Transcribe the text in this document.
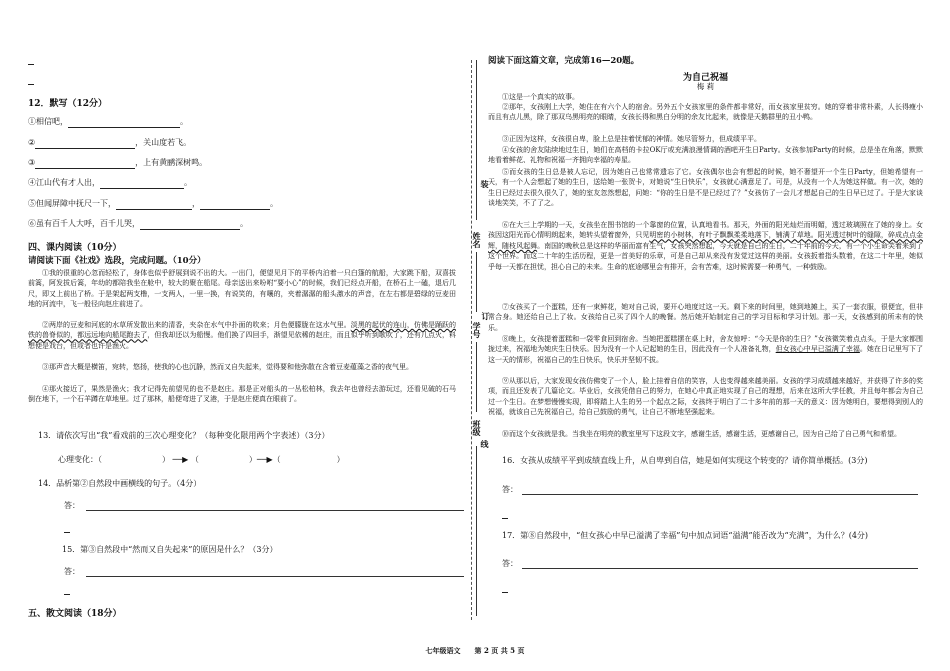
12．默写（12分）
①相信吧，	。
②	，关山度若飞。
③	，上有黄鹂深树鸣。
④江山代有才人出，	。
⑤但闻屏障中抚尺一下，	，	。
⑥虽有百千人大呼，百千儿哭，	。
四、课内阅读（10分）
请阅读下面《社戏》选段，完成问题。（10分）
①我的很重的心忽而轻松了，身体也似乎舒展到说不出的大。一出门，便望见月下的平桥内泊着一只白篷的航船，大家跳下船，双喜拔前篙，阿发拔后篙，年幼的都陪我坐在舱中，较大的聚在船尾。母亲送出来吩咐“要小心”的时候，我们已经点开船，在桥石上一磕，退后几尺，即又上前出了桥。于是架起两支橹，一支两人，一里一换，有说笑的，有嚷的，夹着潺潺的船头激水的声音，在左右都是碧绿的豆麦田地的河流中，飞一般径向赵庄前进了。
②两岸的豆麦和河底的水草所发散出来的清香，夹杂在水气中扑面的吹来；月色便朦胧在这水气里。淡黑的起伏的连山，仿佛是踊跃的铁的兽脊似的，都远远地向船尾跑去了，但我却还以为船慢。他们换了四回手，渐望见依稀的赵庄，而且似乎听到歌吹了，还有几点火，料想便是戏台，但或者也许是渔火。
③那声音大概是横笛，宛转，悠扬，使我的心也沉静，然而又自失起来，觉得要和他弥散在含着豆麦蕴藻之香的夜气里。
④那火接近了，果然是渔火；我才记得先前望见的也不是赵庄。那是正对船头的一丛松柏林，我去年也曾经去游玩过，还看见破的石马倒在地下，一个石羊蹲在草地里。过了那林，船便弯进了叉港，于是赵庄便真在眼前了。
13．请依次写出“我”看戏前的三次心理变化？（每种变化限用两个字表述）（3分）
心理变化：（	） ──▶ （	）──▶（	）
14．品析第②自然段中画横线的句子。（4分）
答：
15．第③自然段中“然而又自失起来”的原因是什么？（3分）
答：
五、散文阅读（18分）
姓名
装
学号
订
班级
线
阅读下面这篇文章，完成第16—20题。
为自己祝福
梅 莉
①这是一个真实的故事。
②那年，女孩刚上大学，她住在有六个人的宿舍。另外五个女孩家里的条件都非常好，而女孩家里贫穷。她的穿着非常朴素，人长得瘦小而且有点儿黑，除了那双乌黑明亮的眼睛，女孩长得和黑白分明的余友比起来，就像是天鹅群里的丑小鸭。
③正因为这样，女孩很自卑，脸上总是挂着忧郁的神情。她尽管努力，但成绩平平。
④女孩的舍友陆续地过生日，她们在高档的卡拉OK厅或充满浪漫情调的酒吧开生日Party。女孩参加Party的时候，总是坐在角落，默默地看着鲜花、礼物和祝福一齐拥向幸福的寿星。
⑤而女孩的生日总是被人忘记，因为她自己也常常遗忘了它。女孩偶尔也会有想起的时候，她不奢望开一个生日Party，但她希望有一天，有一个人会想起了她的生日，送给她一张贺卡，对她说“生日快乐”，女孩就心满意足了。可是，从没有一个人为她这样做。有一次，她的生日已经过去很久很久了，她的室友忽然想起，问她：“你的生日是不是已经过了？”女孩仿了一会儿才想起自己的生日早已过了。于是大家谈谈地笑笑，不了了之。
⑥在大三上学期的一天，女孩坐在图书馆的一个靠窗的位置，认真地看书。那天，外面的阳光灿烂而明媚，透过玻璃照在了她的身上。女孩因这阳光而心情明朗起来，她转头望着窗外，只见明密的小树林，有叶子飘飘柔柔地落下，铺满了草地。阳光透过树叶的缝隙，碎成点点金辉，随枝风起舞。南国的晚秋总是这样的华丽而富有生气，女孩突然想起，今天就是自己的生日，二十年前的今天，有一个小生命笑着来到了这个世界。而这二十年的生活历程，更是一首美好的乐章，可是自己却从来没有发觉过这样的美丽。女孩扳着指头数着，在这二十年里，她似乎每一天都在担忧，担心自己的未来。生命的底途哪里会有排开，会有苦难，这时候需要一种勇气，一种鼓励。
⑦女孩买了一个蛋糕，还有一束鲜花，她对自己说，要开心地度过这一天。剩下来的时间里，她到地摊上，买了一套衣服，很便宜，但非常合身。她还给自己上了妆。女孩给自己买了四个人的晚餐。然后她开始制定自己的学习目标和学习计划。那一天，女孩感到前所未有的快乐。
⑧晚上，女孩提着蛋糕和一袋零食回到宿舍。当她把蛋糕摆在桌上时，舍友惊呼：“今天是你的生日？”女孩微笑着点点头，于是大家都围拢过来，祝福地为她庆生日快乐。因为没有一个人记起她的生日，因此没有一个人准备礼物，但女孩心中早已溢满了幸福。她在日记里写下了这一天的情形，祝福自己的生日快乐，快乐并坚韧不拔。
⑨从那以后，大家发现女孩仿佛变了一个人，脸上挂着自信的笑容，人也变得越来越美丽。女孩的学习成绩越来越好，并获得了许多的奖项，而且还发表了几篇论文。毕业后，女孩凭借自己的努力，在她心中真正地实现了自己的理想，后来在这所大学任教，并且每年都会为自己过一个生日。在梦想慢慢实现，即将踏上人生的另一个起点之际，女孩终于明白了二十多年前的那一天的意义：因为她明白，要想得到别人的祝福，就该自己先祝福自己，给自己鼓励的勇气，让自己不断地坚强起来。
⑩而这个女孩就是我。当我坐在明亮的教室里写下这段文字，感谢生活，感谢生活，更感谢自己，因为自己给了自己勇气和希望。
16．女孩从成绩平平到成绩直线上升，从自卑到自信，她是如何实现这个转变的？请你简单概括。(3分)
答：
17．第⑧自然段中，“但女孩心中早已溢满了幸福”句中加点词语“溢满”能否改为“充满”，为什么？(4分)
答：
七年级语文　　第 2 页 共 5 页
